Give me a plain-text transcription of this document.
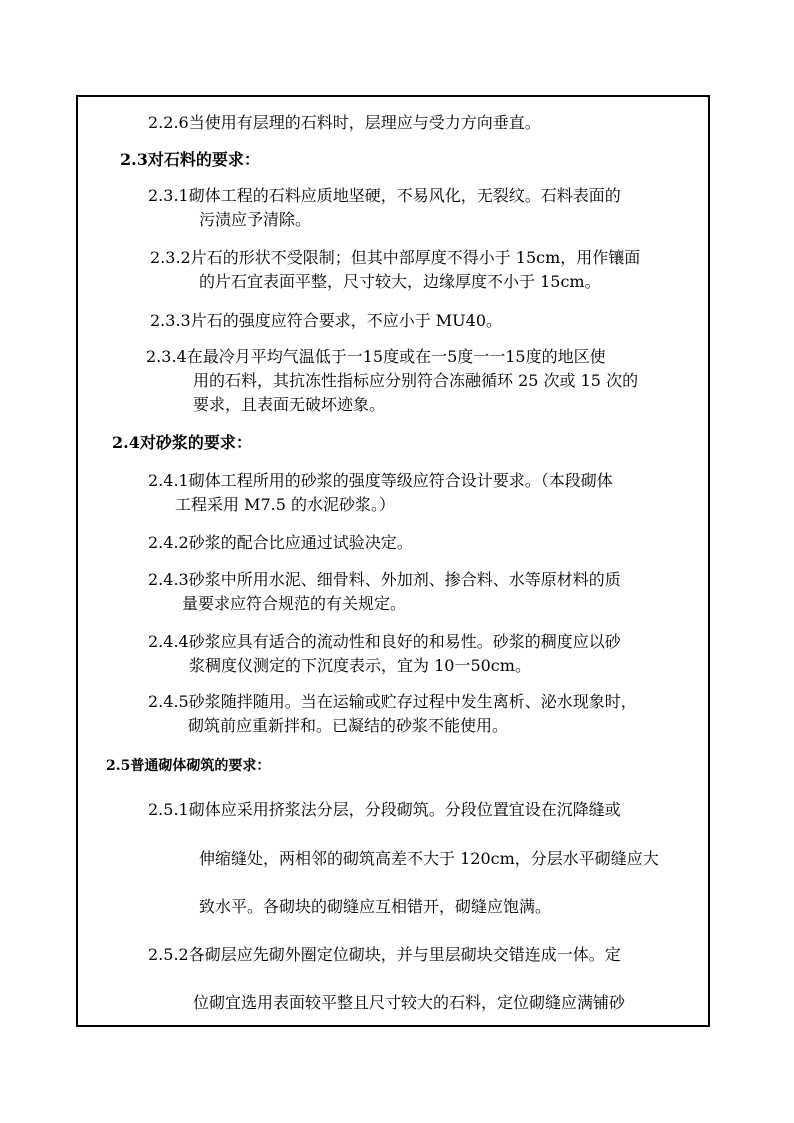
2.2.6当使用有层理的石料时，层理应与受力方向垂直。
2.3对石料的要求：
2.3.1砌体工程的石料应质地坚硬，不易风化，无裂纹。石料表面的
污渍应予清除。
2.3.2片石的形状不受限制；但其中部厚度不得小于 15cm，用作镶面
的片石宜表面平整，尺寸较大，边缘厚度不小于 15cm。
2.3.3片石的强度应符合要求，不应小于 MU40。
2.3.4在最冷月平均气温低于一15度或在一5度一一15度的地区使
用的石料，其抗冻性指标应分别符合冻融循环 25 次或 15 次的
要求，且表面无破坏迹象。
2.4对砂浆的要求：
2.4.1砌体工程所用的砂浆的强度等级应符合设计要求。（本段砌体
工程采用 M7.5 的水泥砂浆。）
2.4.2砂浆的配合比应通过试验决定。
2.4.3砂浆中所用水泥、细骨料、外加剂、掺合料、水等原材料的质
量要求应符合规范的有关规定。
2.4.4砂浆应具有适合的流动性和良好的和易性。砂浆的稠度应以砂
浆稠度仪测定的下沉度表示，宜为 10一50cm。
2.4.5砂浆随拌随用。当在运输或贮存过程中发生离析、泌水现象时，
砌筑前应重新拌和。已凝结的砂浆不能使用。
2.5普通砌体砌筑的要求：
2.5.1砌体应采用挤浆法分层，分段砌筑。分段位置宜设在沉降缝或
伸缩缝处，两相邻的砌筑高差不大于 120cm，分层水平砌缝应大
致水平。各砌块的砌缝应互相错开，砌缝应饱满。
2.5.2各砌层应先砌外圈定位砌块，并与里层砌块交错连成一体。定
位砌宜选用表面较平整且尺寸较大的石料，定位砌缝应满铺砂
